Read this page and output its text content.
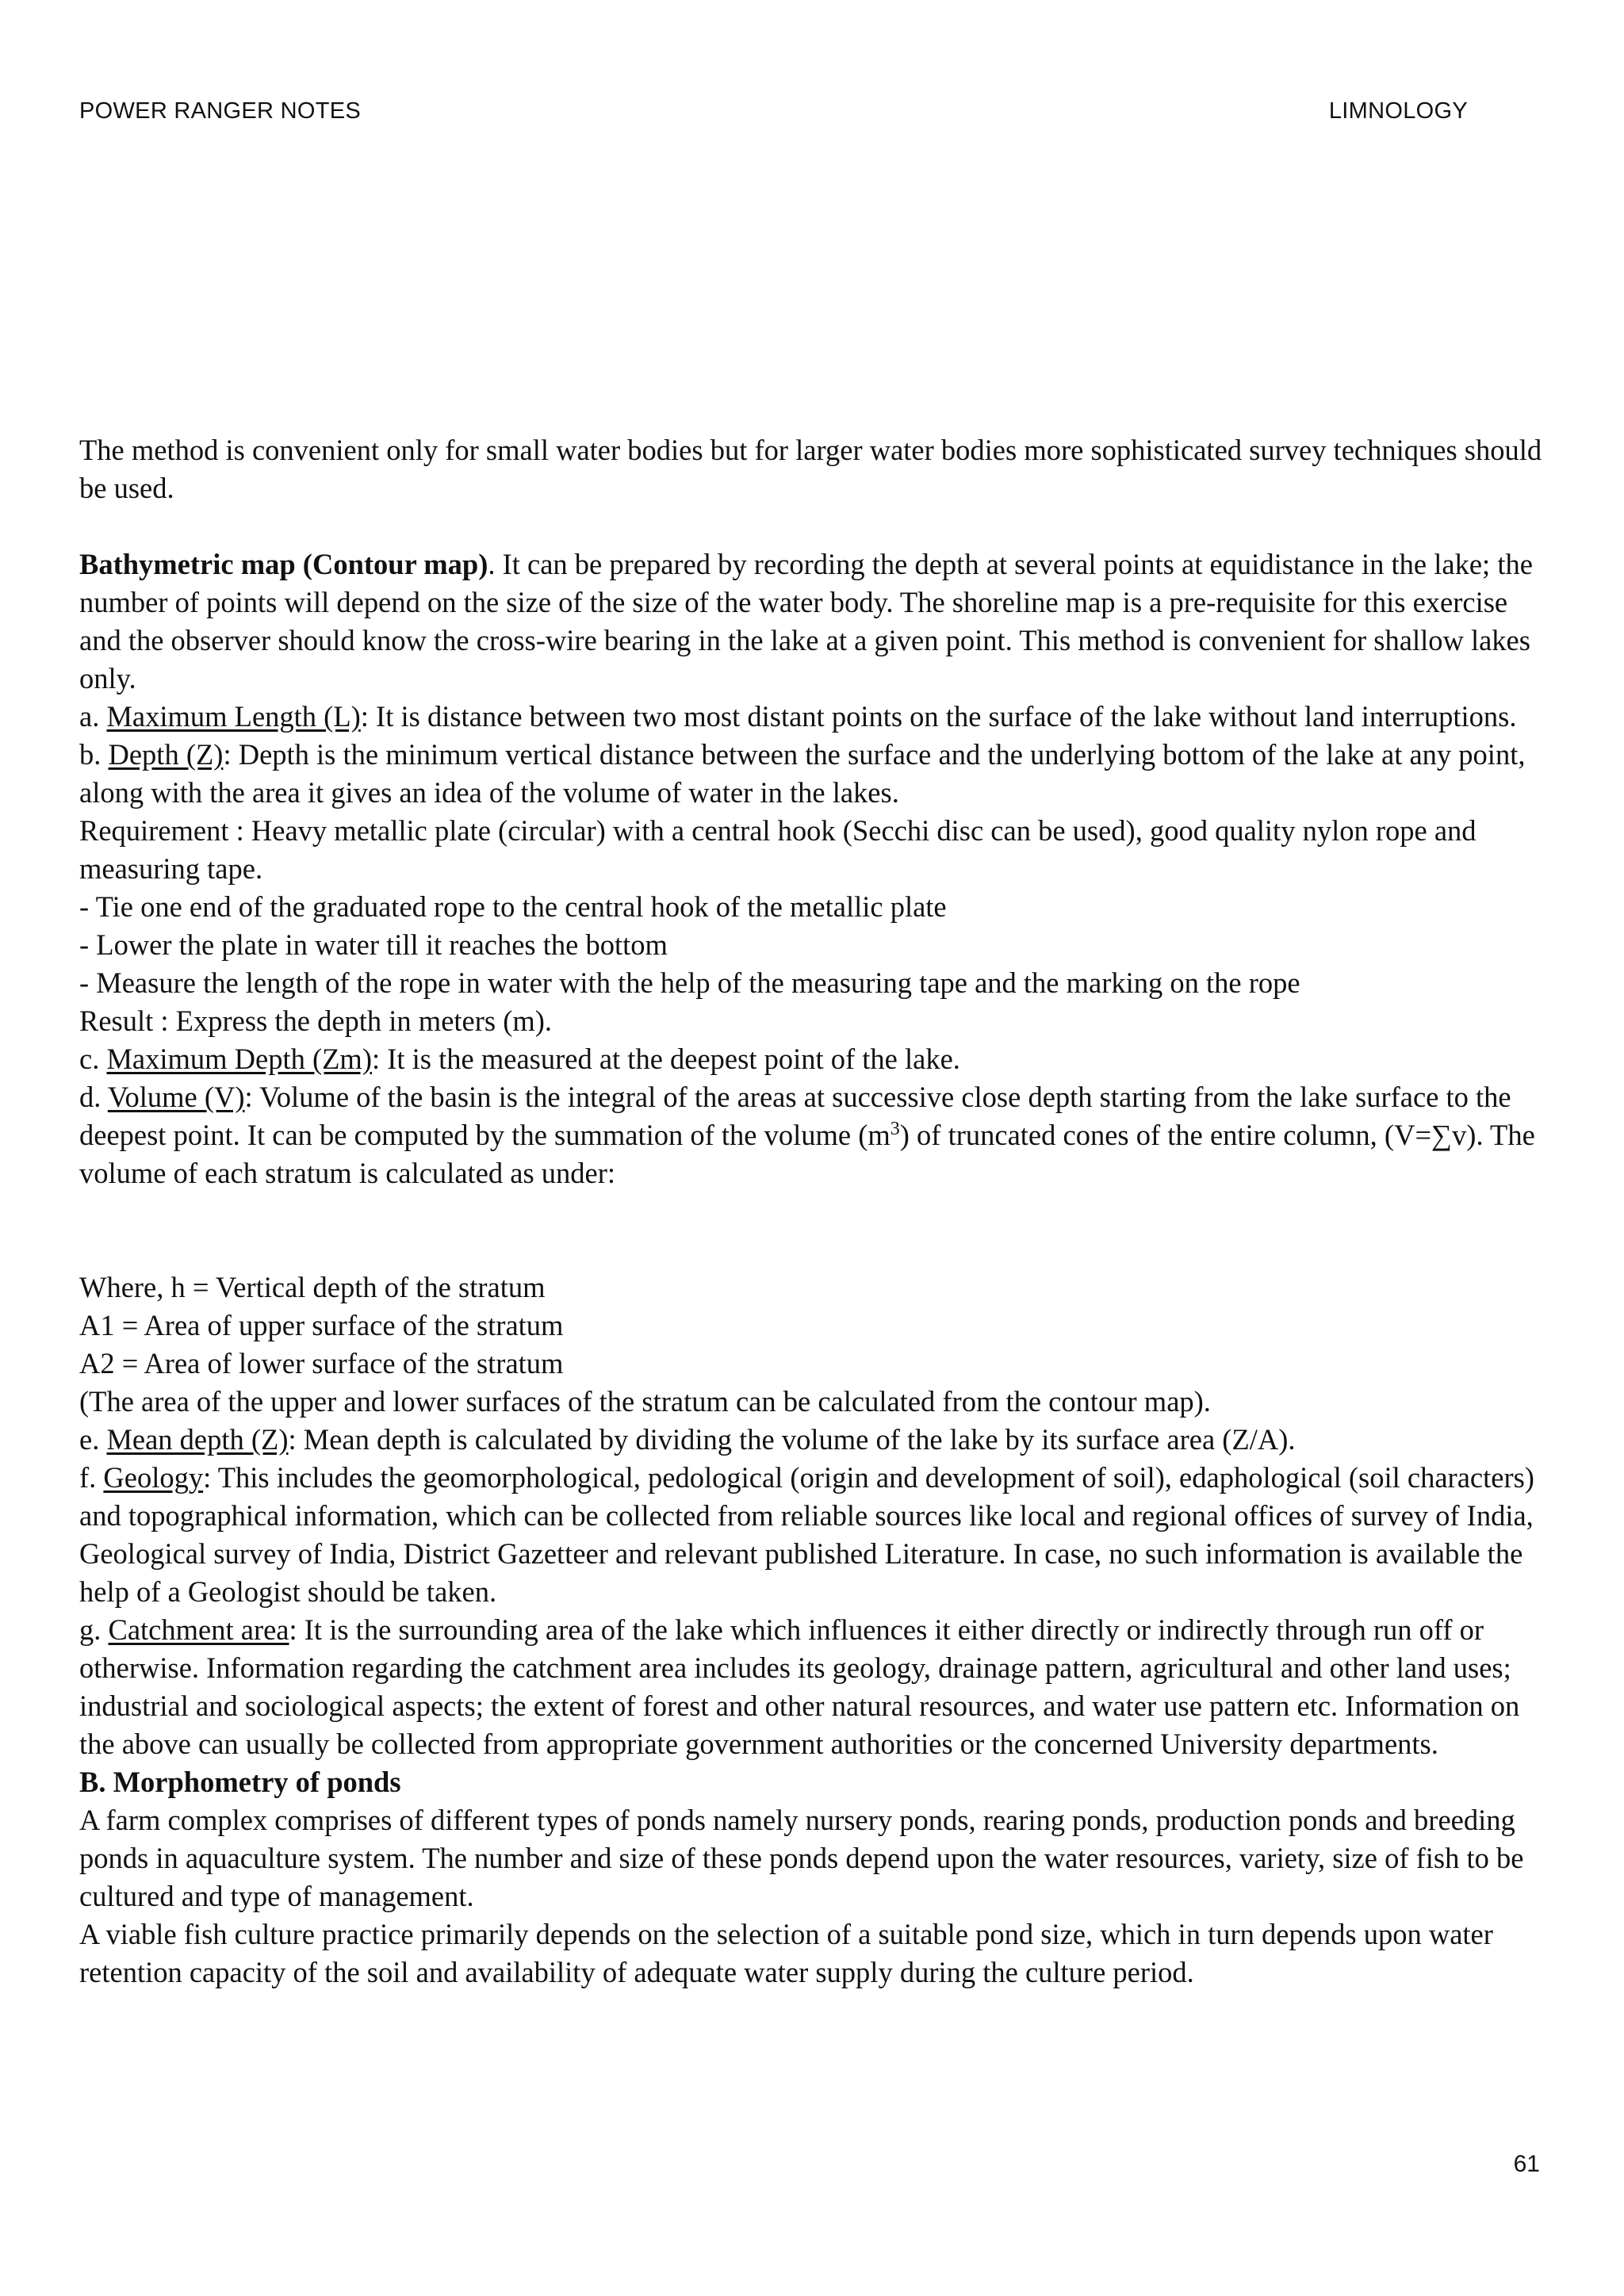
POWER RANGER NOTES	LIMNOLOGY

The method is convenient only for small water bodies but for larger water bodies more sophisticated survey techniques should be used.

Bathymetric map (Contour map). It can be prepared by recording the depth at several points at equidistance in the lake; the number of points will depend on the size of the size of the water body. The shoreline map is a pre-requisite for this exercise and the observer should know the cross-wire bearing in the lake at a given point. This method is convenient for shallow lakes only.

a. Maximum Length (L): It is distance between two most distant points on the surface of the lake without land interruptions.

b. Depth (Z): Depth is the minimum vertical distance between the surface and the underlying bottom of the lake at any point, along with the area it gives an idea of the volume of water in the lakes.

Requirement : Heavy metallic plate (circular) with a central hook (Secchi disc can be used), good quality nylon rope and measuring tape.

- Tie one end of the graduated rope to the central hook of the metallic plate

- Lower the plate in water till it reaches the bottom

- Measure the length of the rope in water with the help of the measuring tape and the marking on the rope

Result : Express the depth in meters (m).

c. Maximum Depth (Zm): It is the measured at the deepest point of the lake.

d. Volume (V): Volume of the basin is the integral of the areas at successive close depth starting from the lake surface to the deepest point. It can be computed by the summation of the volume $(m^3)$ of truncated cones of the entire column, (V=∑v). The volume of each stratum is calculated as under:

Where, h = Vertical depth of the stratum

A1 = Area of upper surface of the stratum

A2 = Area of lower surface of the stratum

(The area of the upper and lower surfaces of the stratum can be calculated from the contour map).

e. Mean depth (Z): Mean depth is calculated by dividing the volume of the lake by its surface area (Z/A).

f. Geology: This includes the geomorphological, pedological (origin and development of soil), edaphological (soil characters) and topographical information, which can be collected from reliable sources like local and regional offices of survey of India, Geological survey of India, District Gazetteer and relevant published Literature. In case, no such information is available the help of a Geologist should be taken.

g. Catchment area: It is the surrounding area of the lake which influences it either directly or indirectly through run off or otherwise. Information regarding the catchment area includes its geology, drainage pattern, agricultural and other land uses; industrial and sociological aspects; the extent of forest and other natural resources, and water use pattern etc. Information on the above can usually be collected from appropriate government authorities or the concerned University departments.

B. Morphometry of ponds

A farm complex comprises of different types of ponds namely nursery ponds, rearing ponds, production ponds and breeding ponds in aquaculture system. The number and size of these ponds depend upon the water resources, variety, size of fish to be cultured and type of management.

A viable fish culture practice primarily depends on the selection of a suitable pond size, which in turn depends upon water retention capacity of the soil and availability of adequate water supply during the culture period.

61
